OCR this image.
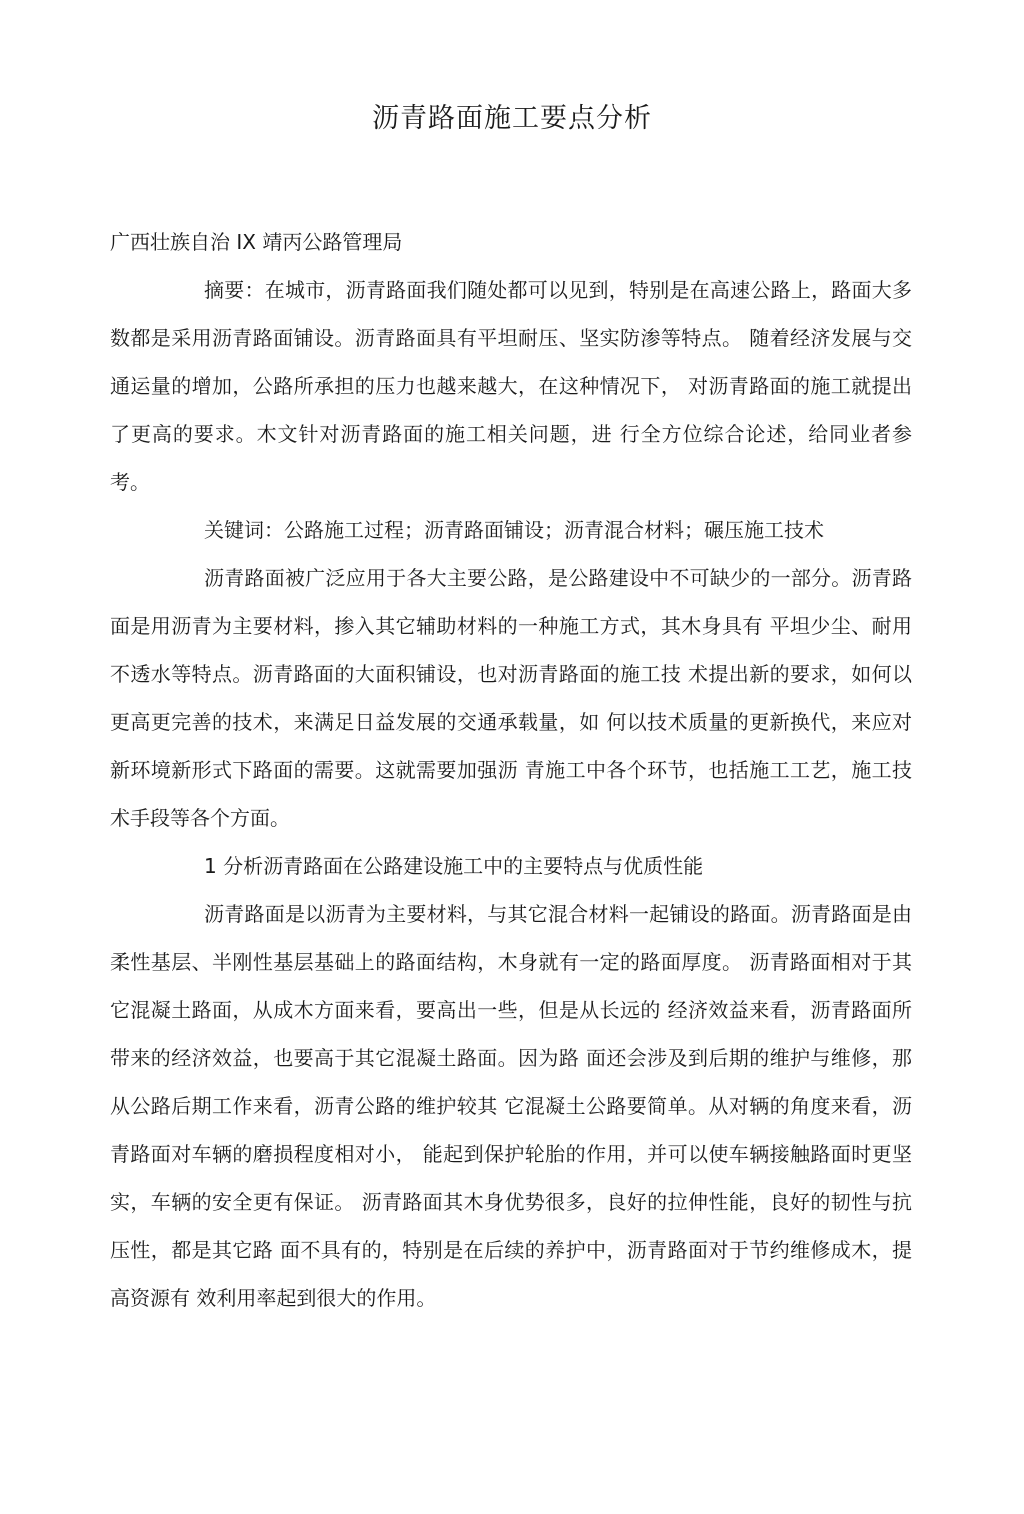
沥青路面施工要点分析

广西壮族自治 IX 靖丙公路管理局

摘要：在城市，沥青路面我们随处都可以见到，特别是在高速公路上，路面大多数都是采用沥青路面铺设。沥青路面具有平坦耐压、坚实防渗等特点。 随着经济发展与交通运量的增加，公路所承担的压力也越来越大，在这种情况下， 对沥青路面的施工就提出了更高的要求。木文针对沥青路面的施工相关问题，进 行全方位综合论述，给同业者参考。

关键词：公路施工过程；沥青路面铺设；沥青混合材料；碾压施工技术

沥青路面被广泛应用于各大主要公路，是公路建设中不可缺少的一部分。沥青路面是用沥青为主要材料，掺入其它辅助材料的一种施工方式，其木身具有 平坦少尘、耐用不透水等特点。沥青路面的大面积铺设，也对沥青路面的施工技 术提出新的要求，如何以更高更完善的技术，来满足日益发展的交通承载量，如 何以技术质量的更新换代，来应对新环境新形式下路面的需要。这就需要加强沥 青施工中各个环节，也括施工工艺，施工技术手段等各个方面。

1 分析沥青路面在公路建设施工中的主要特点与优质性能

沥青路面是以沥青为主要材料，与其它混合材料一起铺设的路面。沥青路面是由柔性基层、半刚性基层基础上的路面结构，木身就有一定的路面厚度。 沥青路面相对于其它混凝土路面，从成木方面来看，要高出一些，但是从长远的 经济效益来看，沥青路面所带来的经济效益，也要高于其它混凝土路面。因为路 面还会涉及到后期的维护与维修，那从公路后期工作来看，沥青公路的维护较其 它混凝土公路要简单。从对辆的角度来看，沥青路面对车辆的磨损程度相对小， 能起到保护轮胎的作用，并可以使车辆接触路面时更坚实，车辆的安全更有保证。 沥青路面其木身优势很多，良好的拉伸性能，良好的韧性与抗压性，都是其它路 面不具有的，特别是在后续的养护中，沥青路面对于节约维修成木，提高资源有 效利用率起到很大的作用。
